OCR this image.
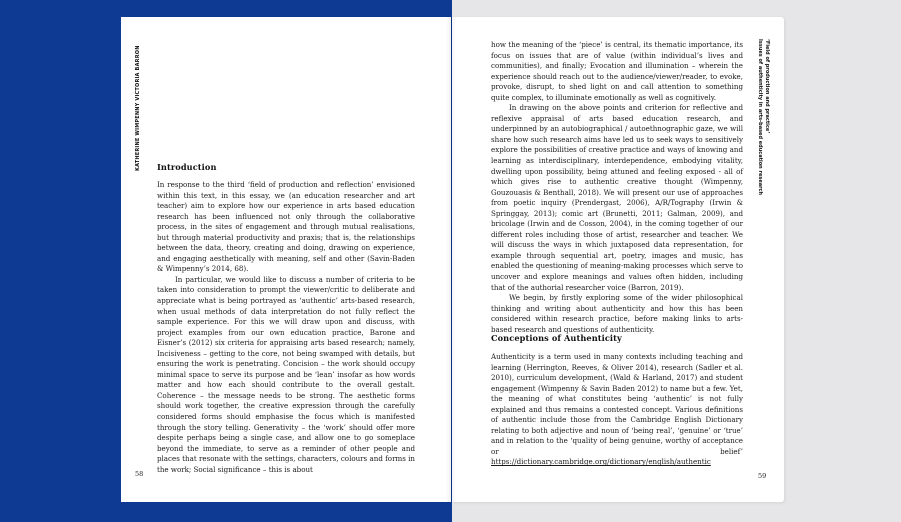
KATHERINE WIMPENNY VICTORIA BARRON Introduction

In response to the third ‘field of production and reflection’ envisioned within this text, in this essay, we (an education researcher and art teacher) aim to explore how our experience in arts based education research has been influenced not only through the collaborative process, in the sites of engagement and through mutual realisations, but through material productivity and praxis; that is, the relationships between the data, theory, creating and doing, drawing on experience, and engaging aesthetically with meaning, self and other (Savin-Baden & Wimpenny’s 2014, 68).

In particular, we would like to discuss a number of criteria to be taken into consideration to prompt the viewer/critic to deliberate and appreciate what is being portrayed as ‘authentic’ arts-based research, when usual methods of data interpretation do not fully reflect the sample experience. For this we will draw upon and discuss, with project examples from our own education practice, Barone and Eisner’s (2012) six criteria for appraising arts based research; namely, Incisiveness – getting to the core, not being swamped with details, but ensuring the work is penetrating. Concision – the work should occupy minimal space to serve its purpose and be ‘lean’ insofar as how words matter and how each should contribute to the overall gestalt. Coherence – the message needs to be strong. The aesthetic forms should work together, the creative expression through the carefully considered forms should emphasise the focus which is manifested through the story telling. Generativity – the ‘work’ should offer more despite perhaps being a single case, and allow one to go someplace beyond the immediate, to serve as a reminder of other people and places that resonate with the settings, characters, colours and forms in the work; Social significance – this is about

58
‘Field of production and practice’
Issues of authenticity in arts-based education research

how the meaning of the ‘piece’ is central, its thematic importance, its focus on issues that are of value (within individual’s lives and communities), and finally; Evocation and illumination – wherein the experience should reach out to the audience/viewer/reader, to evoke, provoke, disrupt, to shed light on and call attention to something quite complex, to illuminate emotionally as well as cognitively.

In drawing on the above points and criterion for reflective and reflexive appraisal of arts based education research, and underpinned by an autobiographical / autoethnographic gaze, we will share how such research aims have led us to seek ways to sensitively explore the possibilities of creative practice and ways of knowing and learning as interdisciplinary, interdependence, embodying vitality, dwelling upon possibility, being attuned and feeling exposed - all of which gives rise to authentic creative thought (Wimpenny, Gouzouasis & Benthall, 2018). We will present our use of approaches from poetic inquiry (Prendergast, 2006), A/R/Tography (Irwin & Springgay, 2013); comic art (Brunetti, 2011; Galman, 2009), and bricolage (Irwin and de Cosson, 2004), in the coming together of our different roles including those of artist, researcher and teacher. We will discuss the ways in which juxtaposed data representation, for example through sequential art, poetry, images and music, has enabled the questioning of meaning-making processes which serve to uncover and explore meanings and values often hidden, including that of the authorial researcher voice (Barron, 2019).

We begin, by firstly exploring some of the wider philosophical thinking and writing about authenticity and how this has been considered within research practice, before making links to arts-based research and questions of authenticity.

Conceptions of Authenticity

Authenticity is a term used in many contexts including teaching and learning (Herrington, Reeves, & Oliver 2014), research (Sadler et al. 2010), curriculum development, (Wald & Harland, 2017) and student engagement (Wimpenny & Savin Baden 2012) to name but a few. Yet, the meaning of what constitutes being ‘authentic’ is not fully explained and thus remains a contested concept. Various definitions of authentic include those from the Cambridge English Dictionary relating to both adjective and noun of ‘being real’, ‘genuine’ or ‘true’ and in relation to the ‘quality of being genuine, worthy of acceptance or belief’ https://dictionary.cambridge.org/dictionary/english/authentic

59
